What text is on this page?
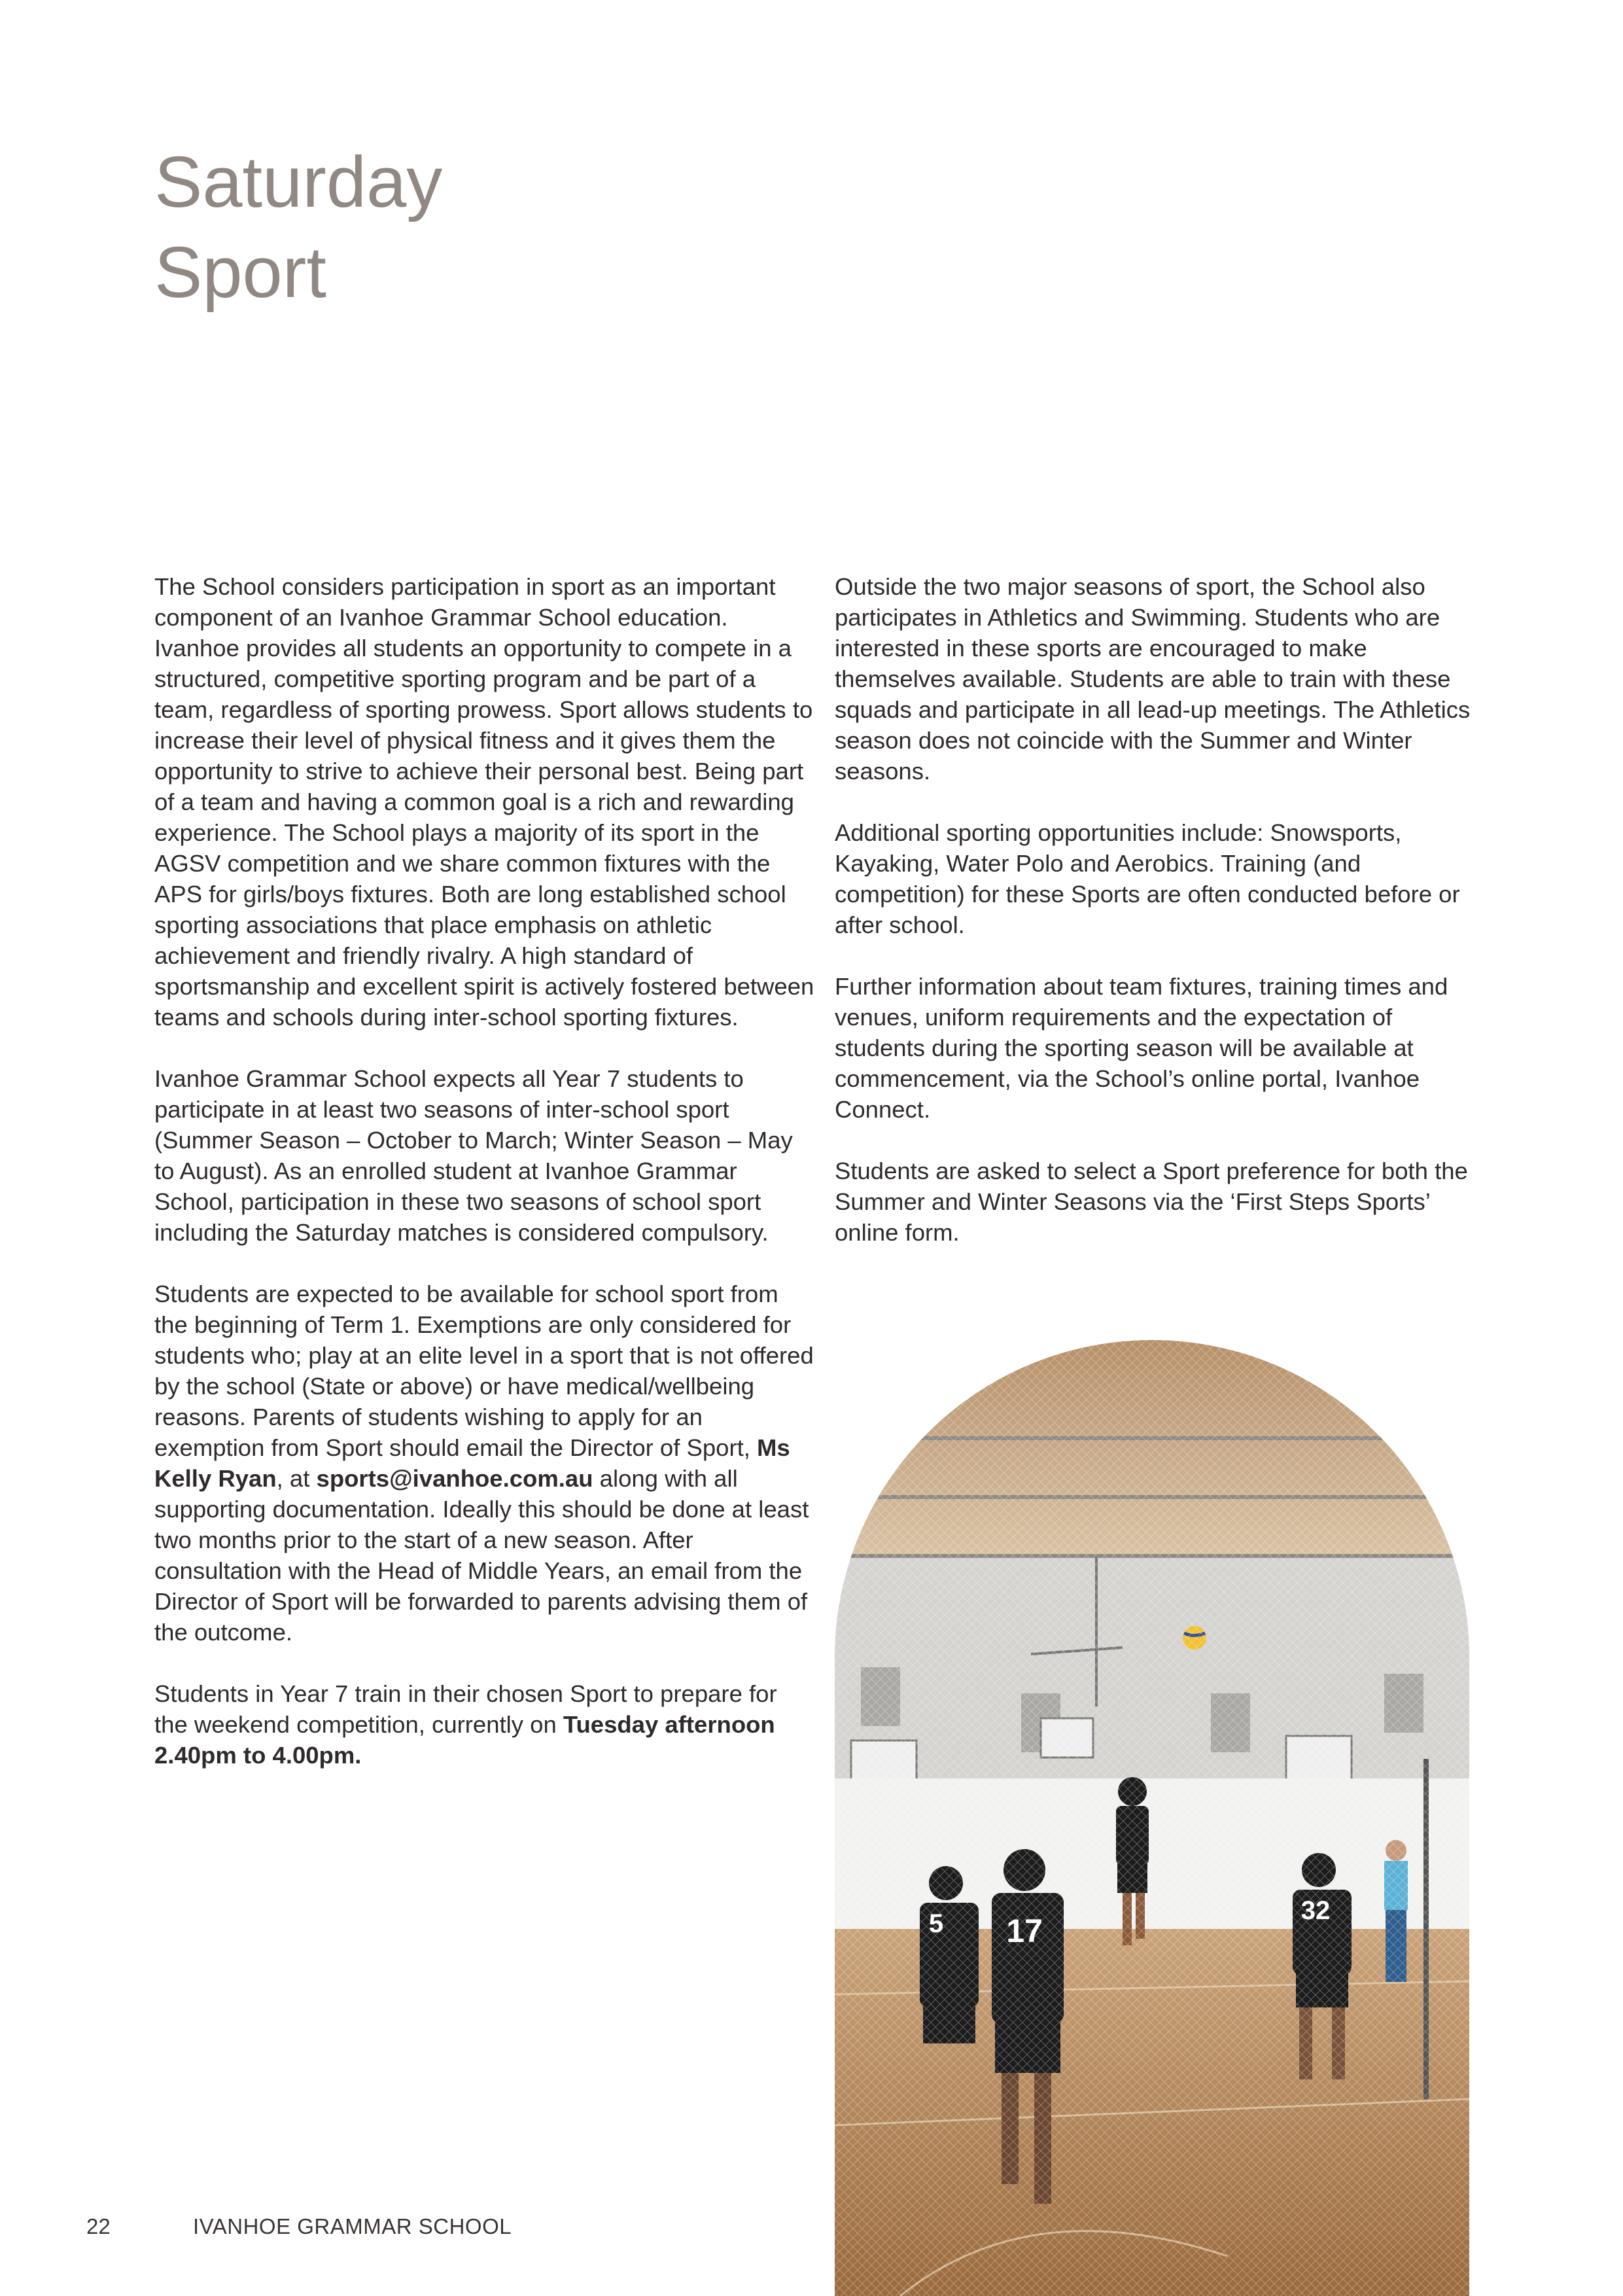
Saturday
Sport

The School considers participation in sport as an important component of an Ivanhoe Grammar School education. Ivanhoe provides all students an opportunity to compete in a structured, competitive sporting program and be part of a team, regardless of sporting prowess. Sport allows students to increase their level of physical fitness and it gives them the opportunity to strive to achieve their personal best. Being part of a team and having a common goal is a rich and rewarding experience. The School plays a majority of its sport in the AGSV competition and we share common fixtures with the APS for girls/boys fixtures. Both are long established school sporting associations that place emphasis on athletic achievement and friendly rivalry. A high standard of sportsmanship and excellent spirit is actively fostered between teams and schools during inter-school sporting fixtures.

Ivanhoe Grammar School expects all Year 7 students to participate in at least two seasons of inter-school sport (Summer Season – October to March; Winter Season – May to August). As an enrolled student at Ivanhoe Grammar School, participation in these two seasons of school sport including the Saturday matches is considered compulsory.

Students are expected to be available for school sport from the beginning of Term 1. Exemptions are only considered for students who; play at an elite level in a sport that is not offered by the school (State or above) or have medical/wellbeing reasons. Parents of students wishing to apply for an exemption from Sport should email the Director of Sport, Ms Kelly Ryan, at sports@ivanhoe.com.au along with all supporting documentation. Ideally this should be done at least two months prior to the start of a new season. After consultation with the Head of Middle Years, an email from the Director of Sport will be forwarded to parents advising them of the outcome.

Students in Year 7 train in their chosen Sport to prepare for the weekend competition, currently on Tuesday afternoon 2.40pm to 4.00pm.

Outside the two major seasons of sport, the School also participates in Athletics and Swimming. Students who are interested in these sports are encouraged to make themselves available. Students are able to train with these squads and participate in all lead-up meetings. The Athletics season does not coincide with the Summer and Winter seasons.

Additional sporting opportunities include: Snowsports, Kayaking, Water Polo and Aerobics. Training (and competition) for these Sports are often conducted before or after school.

Further information about team fixtures, training times and venues, uniform requirements and the expectation of students during the sporting season will be available at commencement, via the School’s online portal, Ivanhoe Connect.

Students are asked to select a Sport preference for both the Summer and Winter Seasons via the ‘First Steps Sports’ online form.

22	IVANHOE GRAMMAR SCHOOL
